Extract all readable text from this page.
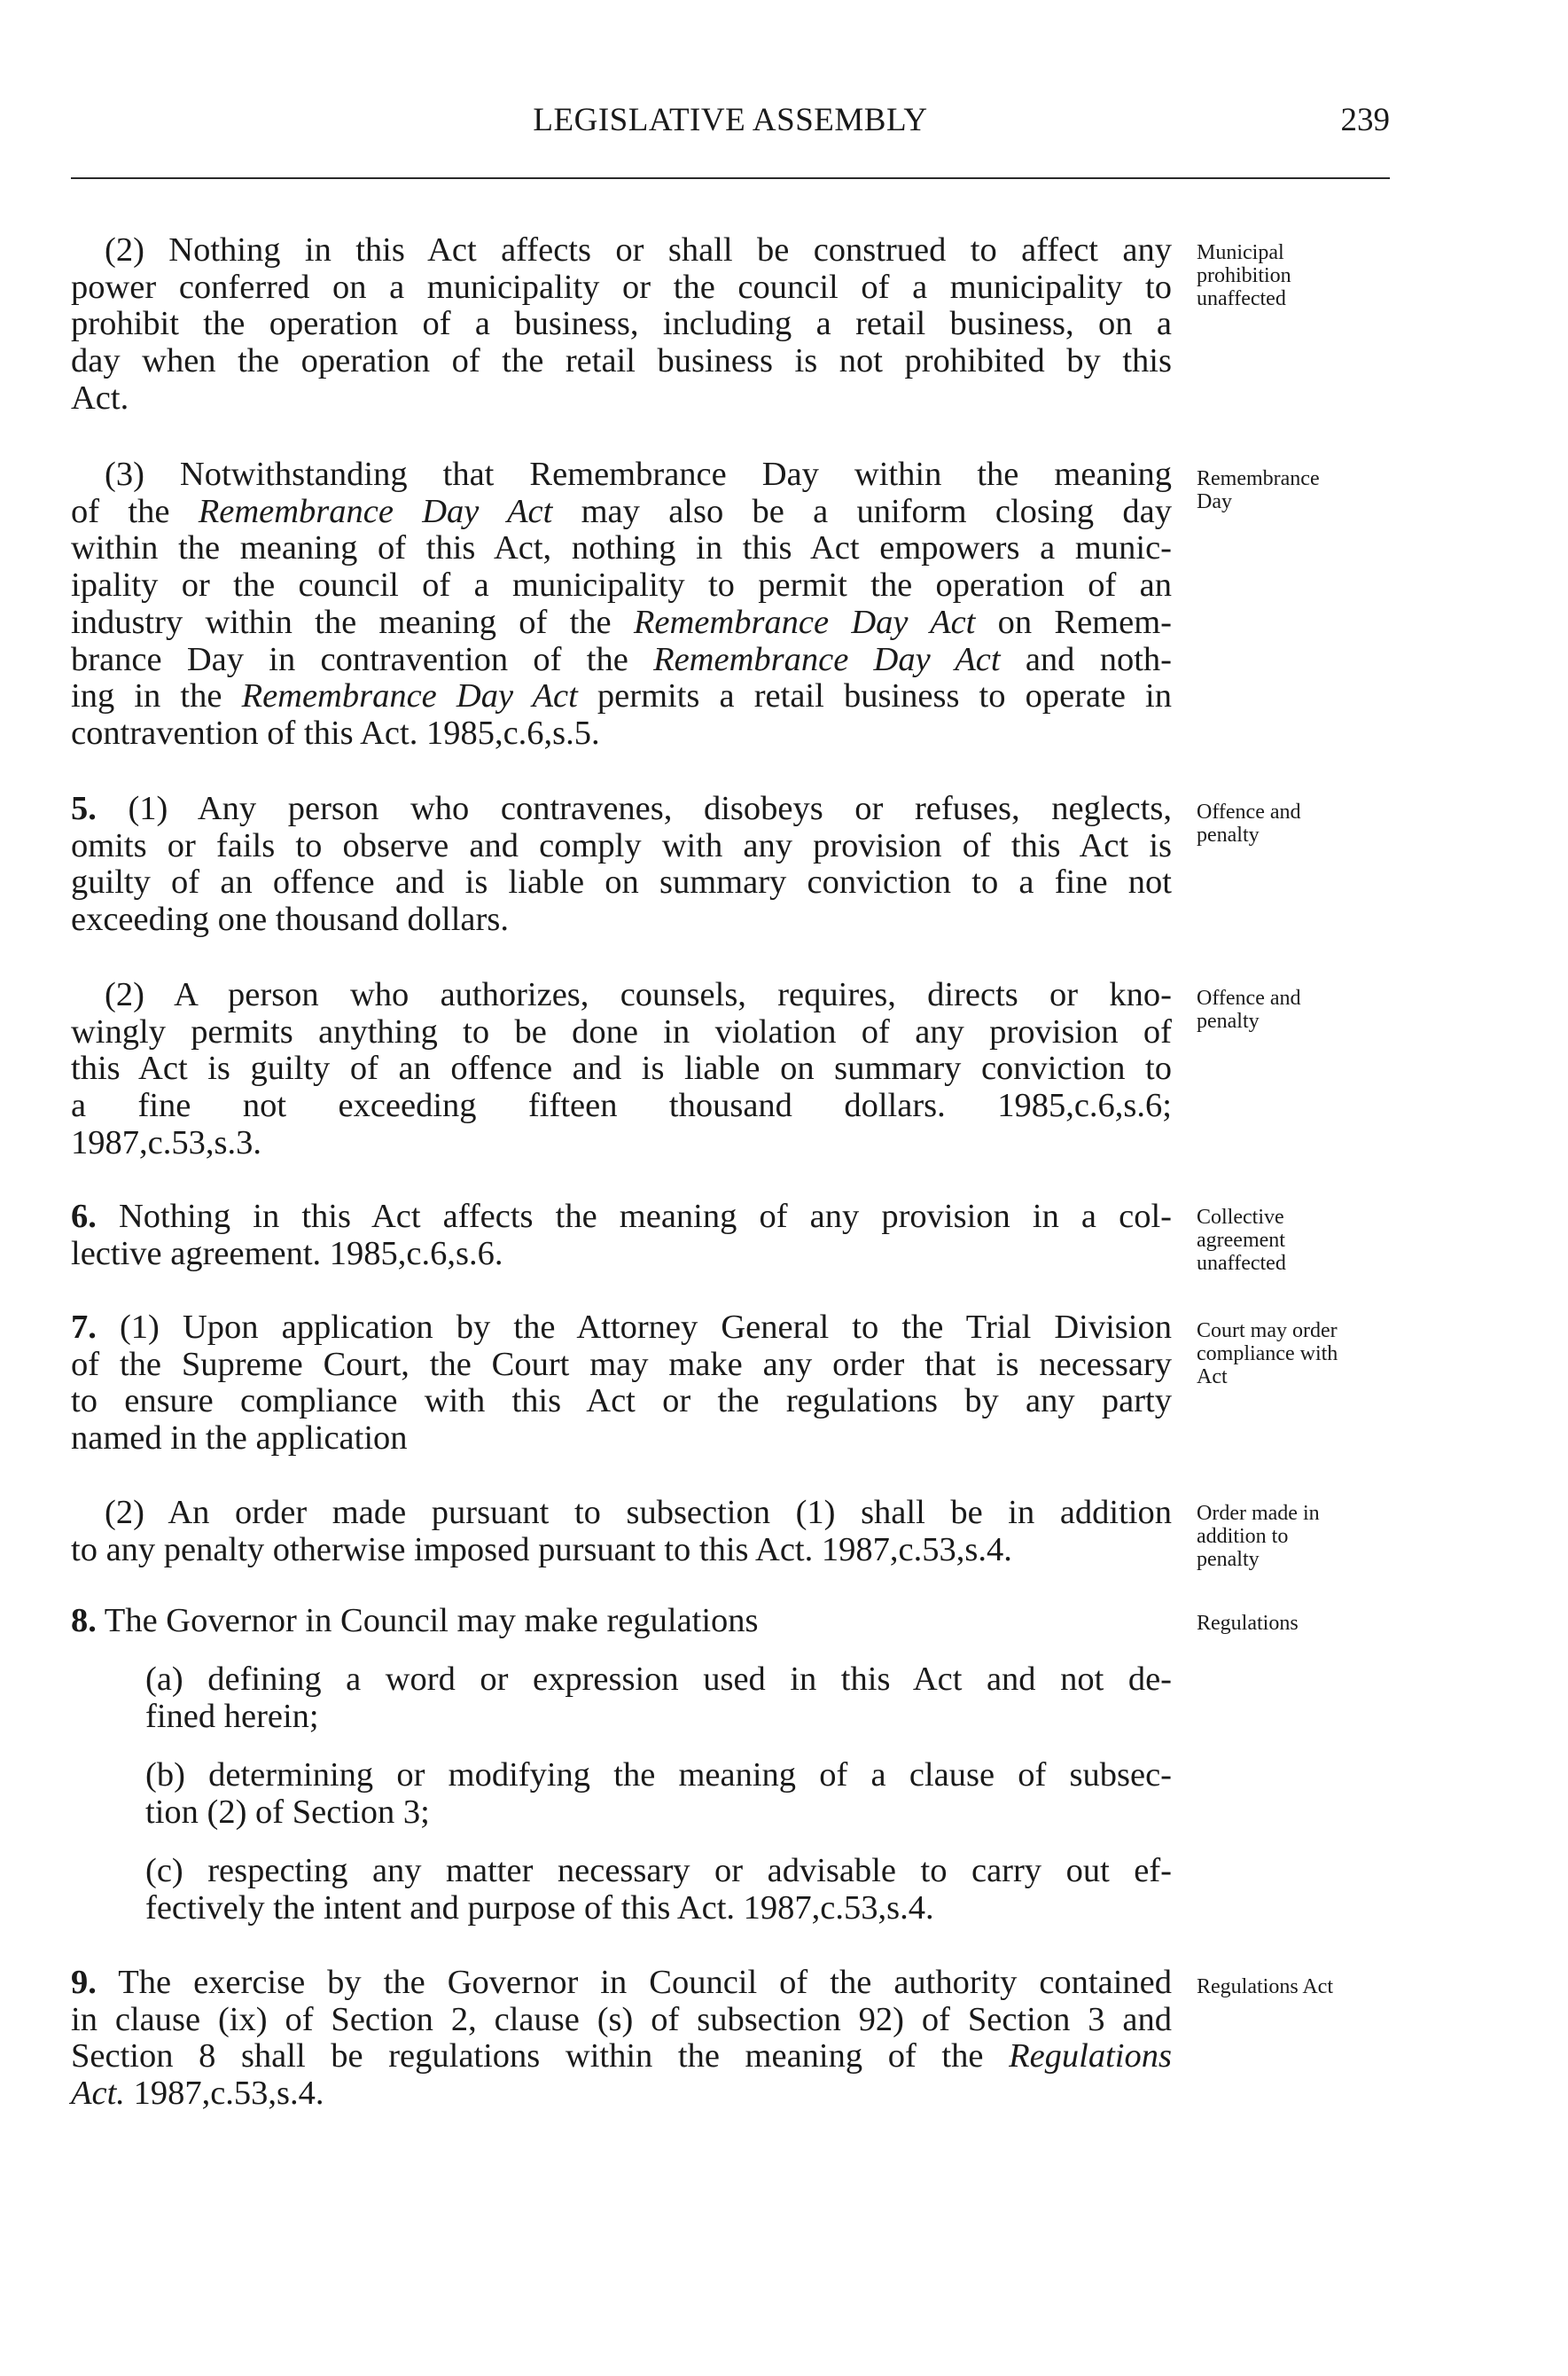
LEGISLATIVE ASSEMBLY	239
(2) Nothing in this Act affects or shall be construed to affect any
power conferred on a municipality or the council of a municipality to
prohibit the operation of a business, including a retail business, on a
day when the operation of the retail business is not prohibited by this
Act.
Municipal
prohibition
unaffected
(3) Notwithstanding that Remembrance Day within the meaning
of the Remembrance Day Act may also be a uniform closing day
within the meaning of this Act, nothing in this Act empowers a munic-
ipality or the council of a municipality to permit the operation of an
industry within the meaning of the Remembrance Day Act on Remem-
brance Day in contravention of the Remembrance Day Act and noth-
ing in the Remembrance Day Act permits a retail business to operate in
contravention of this Act. 1985,c.6,s.5.
Remembrance
Day
5. (1) Any person who contravenes, disobeys or refuses, neglects,
omits or fails to observe and comply with any provision of this Act is
guilty of an offence and is liable on summary conviction to a fine not
exceeding one thousand dollars.
Offence and
penalty
(2) A person who authorizes, counsels, requires, directs or kno-
wingly permits anything to be done in violation of any provision of
this Act is guilty of an offence and is liable on summary conviction to
a fine not exceeding fifteen thousand dollars. 1985,c.6,s.6;
1987,c.53,s.3.
Offence and
penalty
6. Nothing in this Act affects the meaning of any provision in a col-
lective agreement. 1985,c.6,s.6.
Collective
agreement
unaffected
7. (1) Upon application by the Attorney General to the Trial Division
of the Supreme Court, the Court may make any order that is necessary
to ensure compliance with this Act or the regulations by any party
named in the application
Court may order
compliance with
Act
(2) An order made pursuant to subsection (1) shall be in addition
to any penalty otherwise imposed pursuant to this Act. 1987,c.53,s.4.
Order made in
addition to
penalty
8. The Governor in Council may make regulations	Regulations
(a) defining a word or expression used in this Act and not de-
fined herein;
(b) determining or modifying the meaning of a clause of subsec-
tion (2) of Section 3;
(c) respecting any matter necessary or advisable to carry out ef-
fectively the intent and purpose of this Act. 1987,c.53,s.4.
9. The exercise by the Governor in Council of the authority contained
in clause (ix) of Section 2, clause (s) of subsection 92) of Section 3 and
Section 8 shall be regulations within the meaning of the Regulations
Act. 1987,c.53,s.4.
Regulations Act
